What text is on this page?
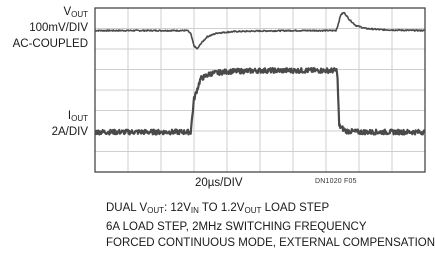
$V_{OUT}$
100mV/DIV
AC-COUPLED
$I_{OUT}$
2A/DIV
20µs/DIV	DN1020 F05
DUAL $V_{OUT}$: $12V_{IN}$ TO $1.2V_{OUT}$ LOAD STEP
6A LOAD STEP, 2MHz SWITCHING FREQUENCY
FORCED CONTINUOUS MODE, EXTERNAL COMPENSATION
